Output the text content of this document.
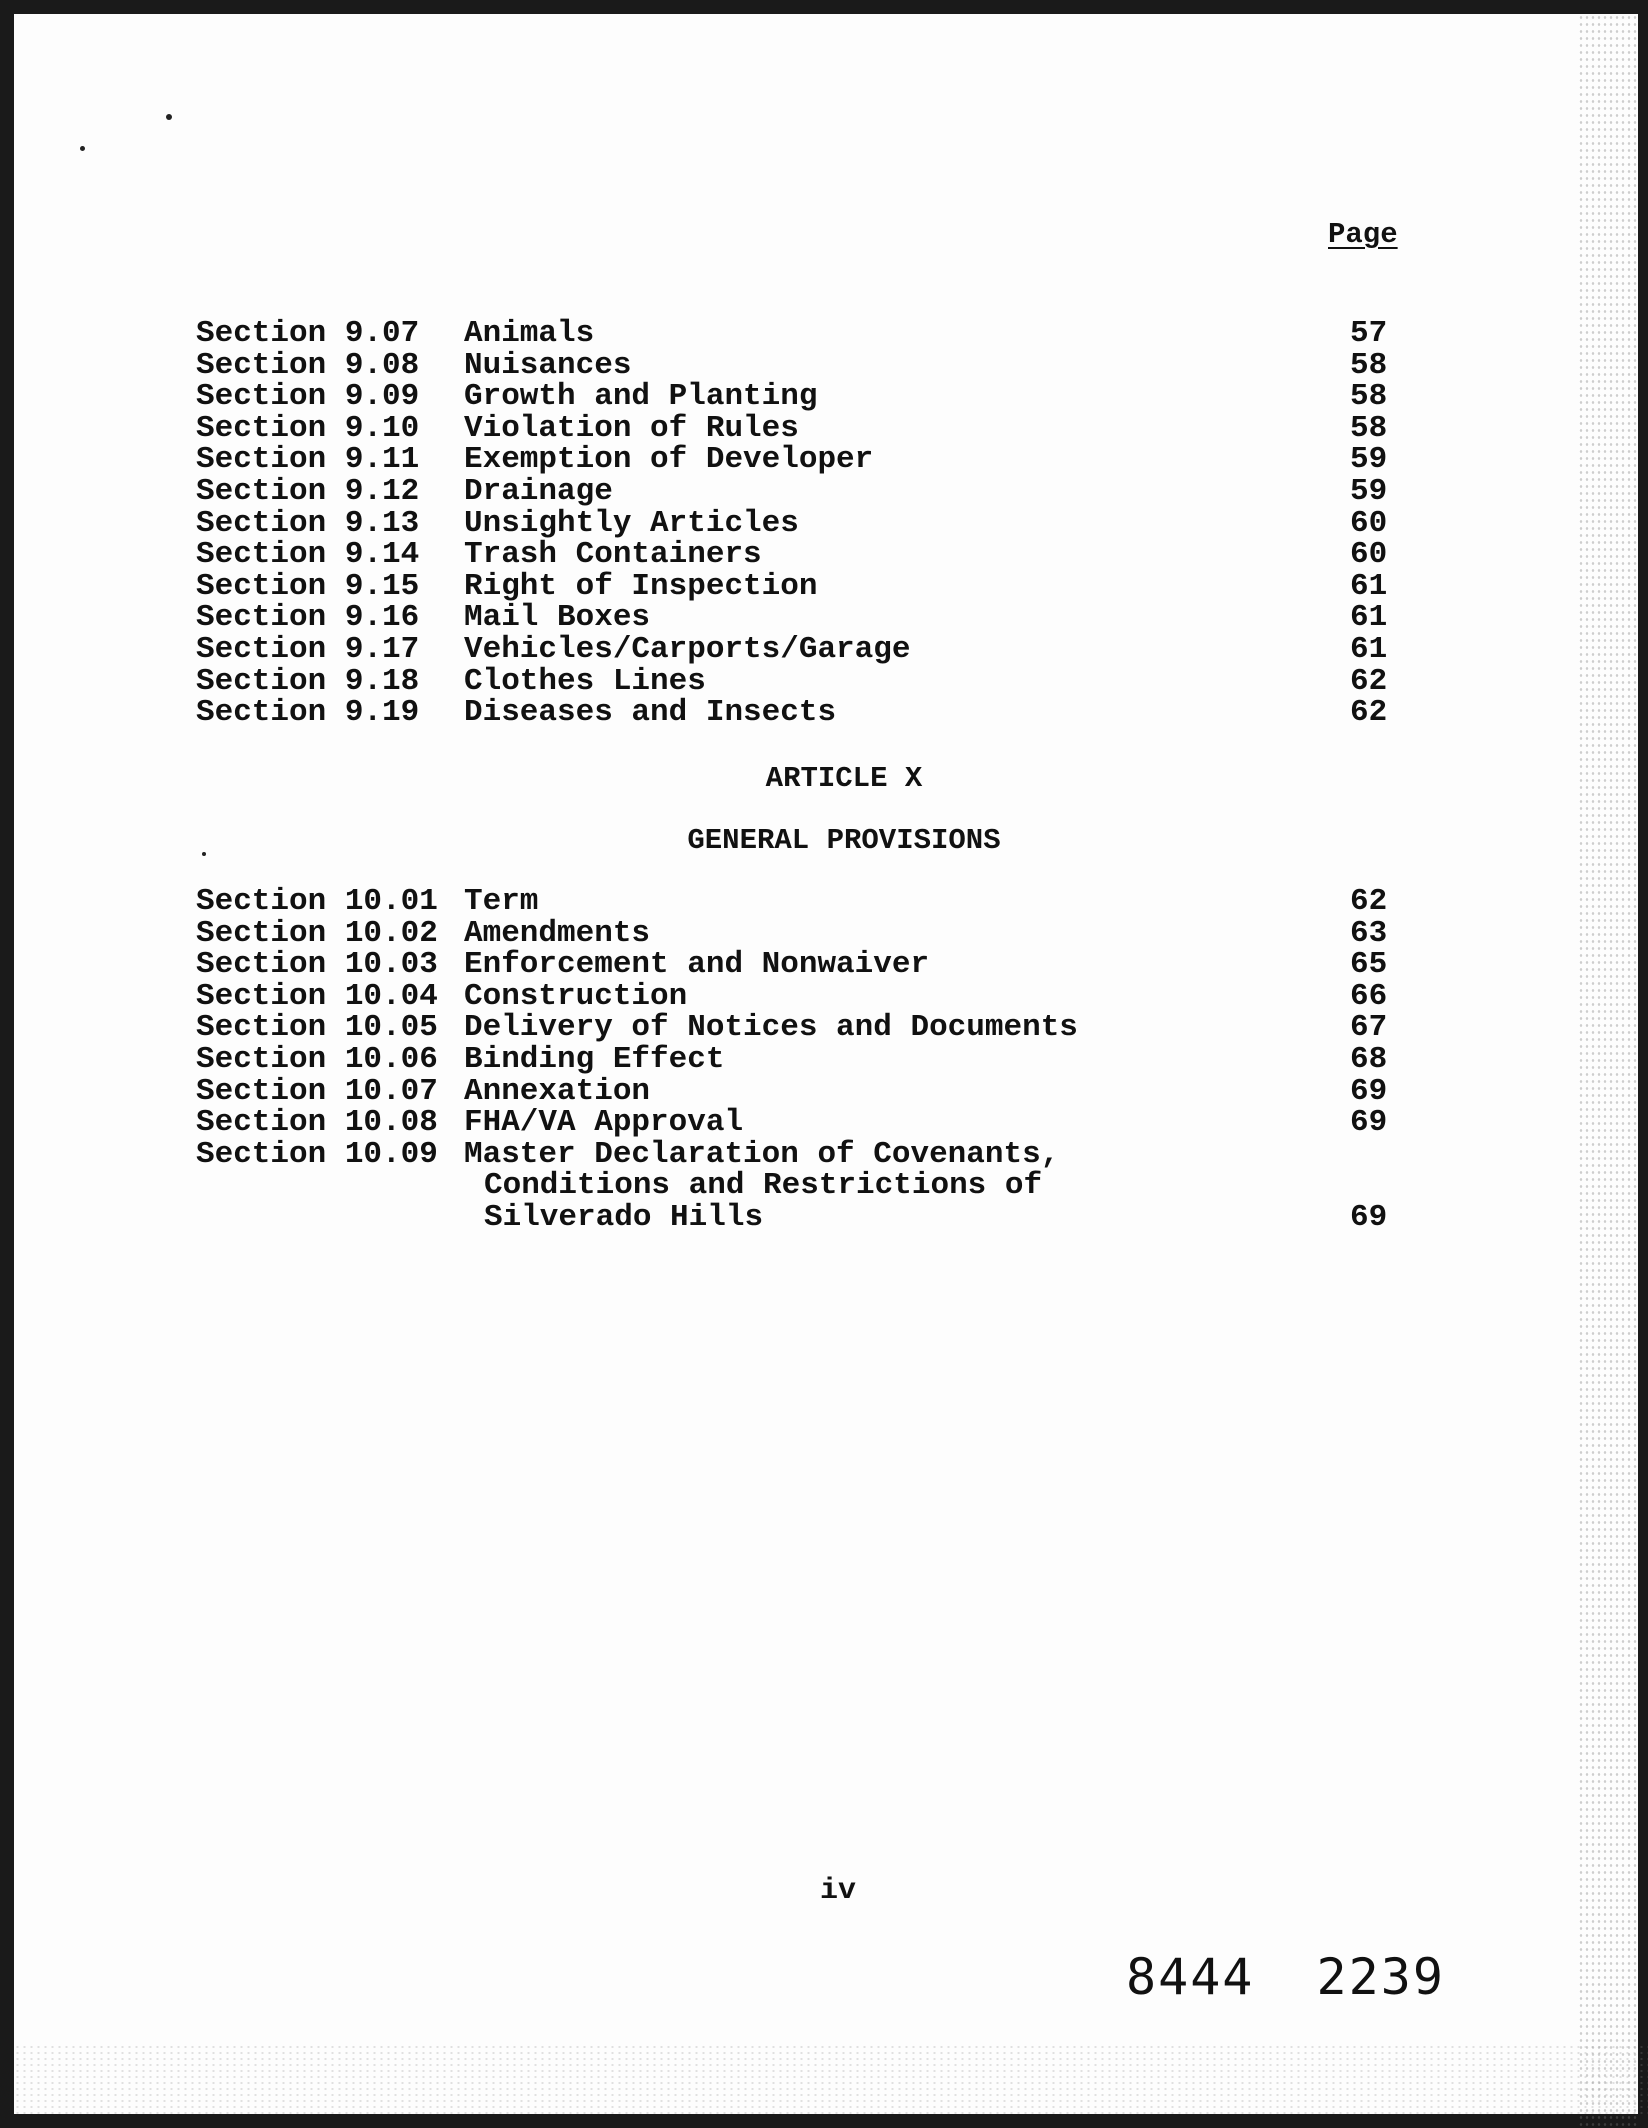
Page
Section 9.07 Animals	57
Section 9.08 Nuisances	58
Section 9.09 Growth and Planting	58
Section 9.10 Violation of Rules	58
Section 9.11 Exemption of Developer	59
Section 9.12 Drainage	59
Section 9.13 Unsightly Articles	60
Section 9.14 Trash Containers	60
Section 9.15 Right of Inspection	61
Section 9.16 Mail Boxes	61
Section 9.17 Vehicles/Carports/Garage	61
Section 9.18 Clothes Lines	62
Section 9.19 Diseases and Insects	62
ARTICLE X
GENERAL PROVISIONS
Section 10.01 Term	62
Section 10.02 Amendments	63
Section 10.03 Enforcement and Nonwaiver	65
Section 10.04 Construction	66
Section 10.05 Delivery of Notices and Documents	67
Section 10.06 Binding Effect	68
Section 10.07 Annexation	69
Section 10.08 FHA/VA Approval	69
Section 10.09 Master Declaration of Covenants,
Conditions and Restrictions of
Silverado Hills	69
iv
8444 2239
